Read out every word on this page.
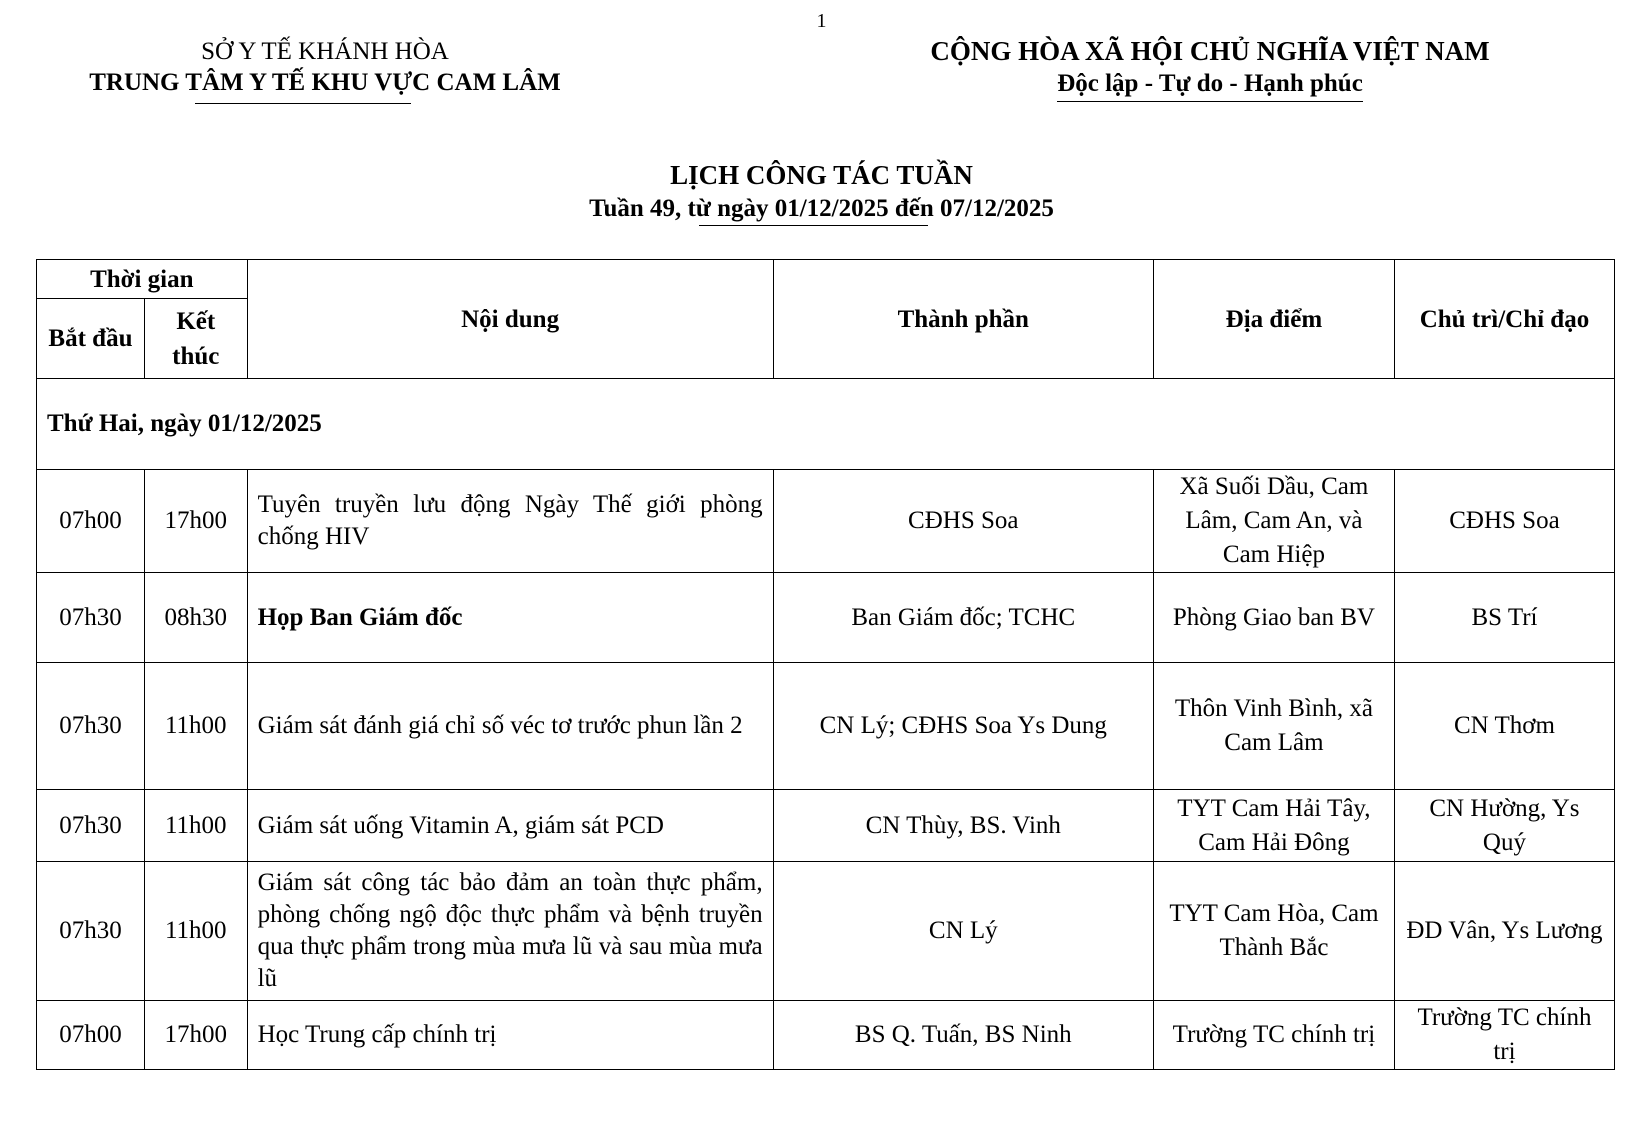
1
SỞ Y TẾ KHÁNH HÒA
TRUNG TÂM Y TẾ KHU VỰC CAM LÂM
CỘNG HÒA XÃ HỘI CHỦ NGHĨA VIỆT NAM
Độc lập - Tự do - Hạnh phúc
LỊCH CÔNG TÁC TUẦN
Tuần 49, từ ngày 01/12/2025 đến 07/12/2025
Thời gian		Nội dung	Thành phần	Địa điểm	Chủ trì/Chỉ đạo
Bắt đầu	Kết thúc				
Thứ Hai, ngày 01/12/2025					
07h00	17h00	Tuyên truyền lưu động Ngày Thế giới phòng chống HIV	CĐHS Soa	Xã Suối Dầu, Cam Lâm, Cam An, và Cam Hiệp	CĐHS Soa
07h30	08h30	Họp Ban Giám đốc	Ban Giám đốc; TCHC	Phòng Giao ban BV	BS Trí
07h30	11h00	Giám sát đánh giá chỉ số véc tơ trước phun lần 2	CN Lý; CĐHS Soa Ys Dung	Thôn Vinh Bình, xã Cam Lâm	CN Thơm
07h30	11h00	Giám sát uống Vitamin A, giám sát PCD	CN Thùy, BS. Vinh	TYT Cam Hải Tây, Cam Hải Đông	CN Hường, Ys Quý
07h30	11h00	Giám sát công tác bảo đảm an toàn thực phẩm, phòng chống ngộ độc thực phẩm và bệnh truyền qua thực phẩm trong mùa mưa lũ và sau mùa mưa lũ	CN Lý	TYT Cam Hòa, Cam Thành Bắc	ĐD Vân, Ys Lương
07h00	17h00	Học Trung cấp chính trị	BS Q. Tuấn, BS Ninh	Trường TC chính trị	Trường TC chính trị
